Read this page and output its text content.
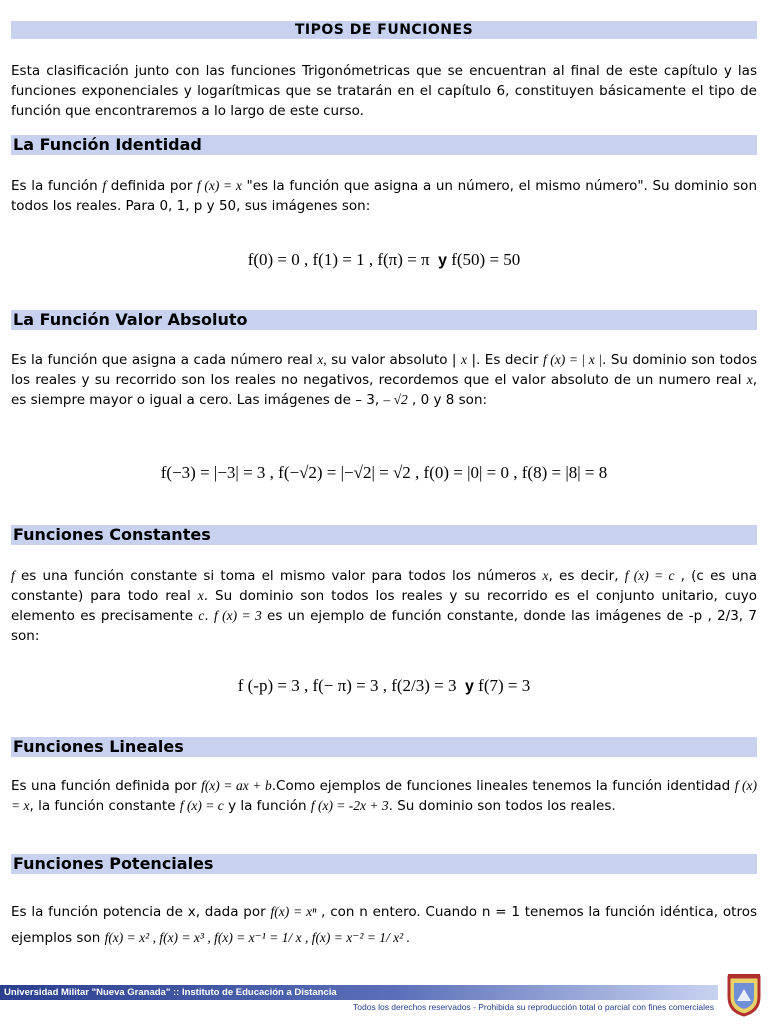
TIPOS DE FUNCIONES
Esta clasificación junto con las funciones Trigonómetricas que se encuentran al final de este capítulo y las funciones exponenciales y logarítmicas que se tratarán en el capítulo 6, constituyen básicamente el tipo de función que encontraremos a lo largo de este curso.
La Función Identidad
Es la función f definida por f (x) = x "es la función que asigna a un número, el mismo número". Su dominio son todos los reales. Para 0, 1, p y 50, sus imágenes son:
f(0) = 0 , f(1) = 1 , f(π) = π y f(50) = 50
La Función Valor Absoluto
Es la función que asigna a cada número real x, su valor absoluto | x |. Es decir f (x) = | x |. Su dominio son todos los reales y su recorrido son los reales no negativos, recordemos que el valor absoluto de un numero real x, es siempre mayor o igual a cero. Las imágenes de – 3, – √2 , 0 y 8 son:
f(−3) = |−3| = 3 , f(−√2) = |−√2| = √2 , f(0) = |0| = 0 , f(8) = |8| = 8
Funciones Constantes
f es una función constante si toma el mismo valor para todos los números x, es decir, f (x) = c , (c es una constante) para todo real x. Su dominio son todos los reales y su recorrido es el conjunto unitario, cuyo elemento es precisamente c. f (x) = 3 es un ejemplo de función constante, donde las imágenes de -p , 2/3, 7 son:
f (-p) = 3 , f(− π) = 3 , f(2/3) = 3 y f(7) = 3
Funciones Lineales
Es una función definida por f(x) = ax + b.Como ejemplos de funciones lineales tenemos la función identidad f (x) = x, la función constante f (x) = c y la función f (x) = -2x + 3. Su dominio son todos los reales.
Funciones Potenciales
Es la función potencia de x, dada por f(x) = xⁿ , con n entero. Cuando n = 1 tenemos la función idéntica, otros ejemplos son f(x) = x² , f(x) = x³ , f(x) = x⁻¹ = 1/ x , f(x) = x⁻² = 1/ x² .
Universidad Militar "Nueva Granada" :: Instituto de Educación a Distancia
Todos los derechos reservados - Prohibida su reproducción total o parcial con fines comerciales
